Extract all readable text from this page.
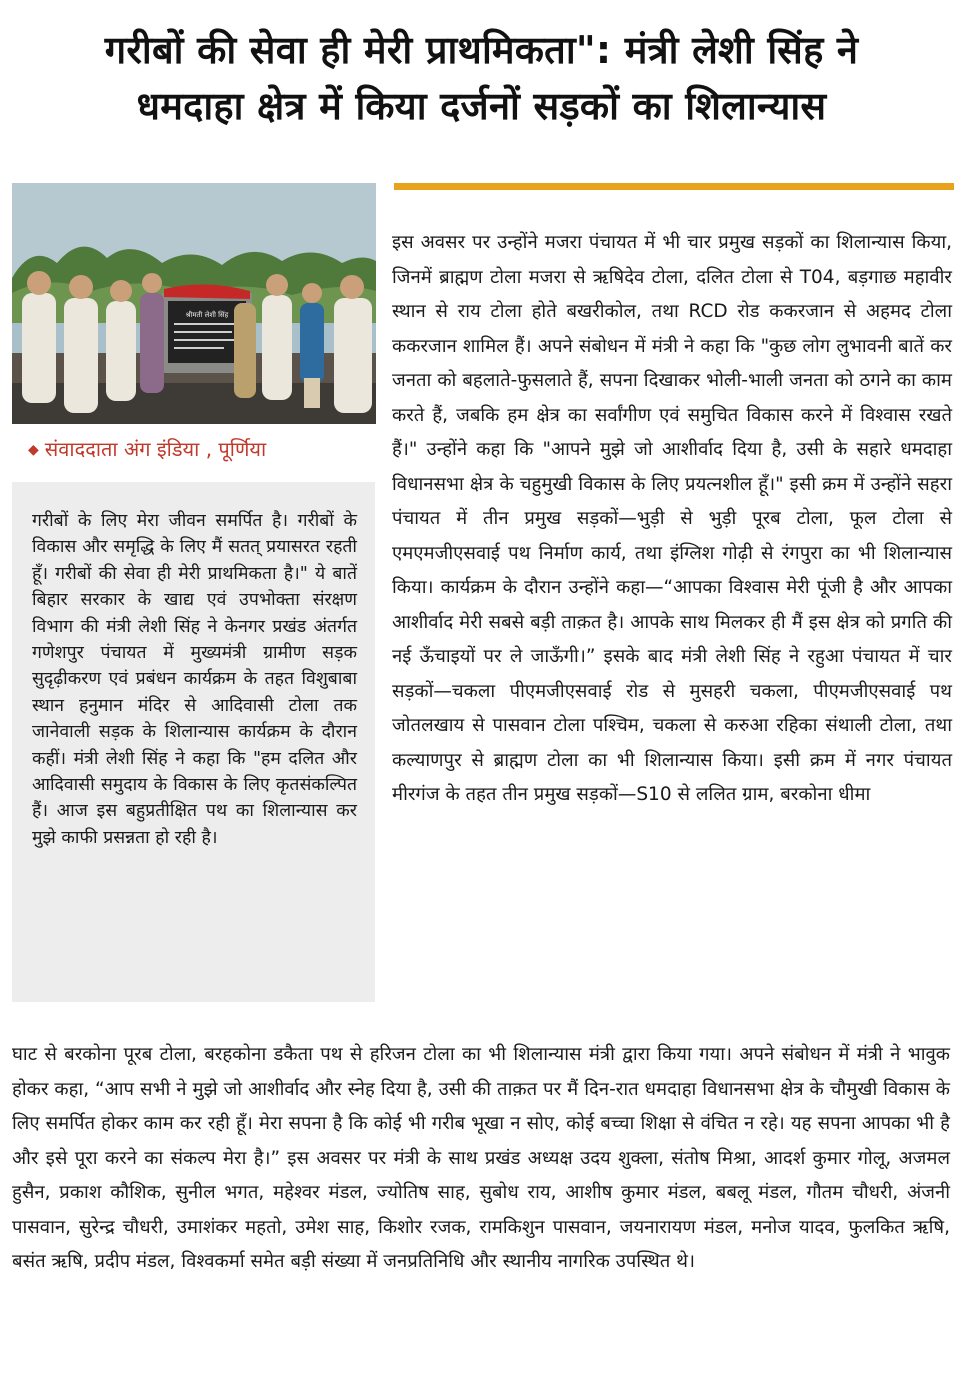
गरीबों की सेवा ही मेरी प्राथमिकता": मंत्री लेशी सिंह ने
धमदाहा क्षेत्र में किया दर्जनों सड़कों का शिलान्यास
श्रीमती लेशी सिंह
◆ संवाददाता अंग इंडिया , पूर्णिया

गरीबों के लिए मेरा जीवन समर्पित है। गरीबों के विकास और समृद्धि के लिए मैं सतत् प्रयासरत रहती हूँ। गरीबों की सेवा ही मेरी प्राथमिकता है।" ये बातें बिहार सरकार के खाद्य एवं उपभोक्ता संरक्षण विभाग की मंत्री लेशी सिंह ने केनगर प्रखंड अंतर्गत गणेशपुर पंचायत में मुख्यमंत्री ग्रामीण सड़क सुदृढ़ीकरण एवं प्रबंधन कार्यक्रम के तहत विशुबाबा स्थान हनुमान मंदिर से आदिवासी टोला तक जानेवाली सड़क के शिलान्यास कार्यक्रम के दौरान कहीं। मंत्री लेशी सिंह ने कहा कि "हम दलित और आदिवासी समुदाय के विकास के लिए कृतसंकल्पित हैं। आज इस बहुप्रतीक्षित पथ का शिलान्यास कर मुझे काफी प्रसन्नता हो रही है।

इस अवसर पर उन्होंने मजरा पंचायत में भी चार प्रमुख सड़कों का शिलान्यास किया, जिनमें ब्राह्मण टोला मजरा से ऋषिदेव टोला, दलित टोला से T04, बड़गाछ महावीर स्थान से राय टोला होते बखरीकोल, तथा RCD रोड ककरजान से अहमद टोला ककरजान शामिल हैं। अपने संबोधन में मंत्री ने कहा कि "कुछ लोग लुभावनी बातें कर जनता को बहलाते-फुसलाते हैं, सपना दिखाकर भोली-भाली जनता को ठगने का काम करते हैं, जबकि हम क्षेत्र का सर्वांगीण एवं समुचित विकास करने में विश्वास रखते हैं।" उन्होंने कहा कि "आपने मुझे जो आशीर्वाद दिया है, उसी के सहारे धमदाहा विधानसभा क्षेत्र के चहुमुखी विकास के लिए प्रयत्नशील हूँ।" इसी क्रम में उन्होंने सहरा पंचायत में तीन प्रमुख सड़कों—भुड़ी से भुड़ी पूरब टोला, फूल टोला से एमएमजीएसवाई पथ निर्माण कार्य, तथा इंग्लिश गोढ़ी से रंगपुरा का भी शिलान्यास किया। कार्यक्रम के दौरान उन्होंने कहा—“आपका विश्वास मेरी पूंजी है और आपका आशीर्वाद मेरी सबसे बड़ी ताक़त है। आपके साथ मिलकर ही मैं इस क्षेत्र को प्रगति की नई ऊँचाइयों पर ले जाऊँगी।” इसके बाद मंत्री लेशी सिंह ने रहुआ पंचायत में चार सड़कों—चकला पीएमजीएसवाई रोड से मुसहरी चकला, पीएमजीएसवाई पथ जोतलखाय से पासवान टोला पश्चिम, चकला से करुआ रहिका संथाली टोला, तथा कल्याणपुर से ब्राह्मण टोला का भी शिलान्यास किया। इसी क्रम में नगर पंचायत मीरगंज के तहत तीन प्रमुख सड़कों—S10 से ललित ग्राम, बरकोना धीमा

घाट से बरकोना पूरब टोला, बरहकोना डकैता पथ से हरिजन टोला का भी शिलान्यास मंत्री द्वारा किया गया। अपने संबोधन में मंत्री ने भावुक होकर कहा, “आप सभी ने मुझे जो आशीर्वाद और स्नेह दिया है, उसी की ताक़त पर मैं दिन-रात धमदाहा विधानसभा क्षेत्र के चौमुखी विकास के लिए समर्पित होकर काम कर रही हूँ। मेरा सपना है कि कोई भी गरीब भूखा न सोए, कोई बच्चा शिक्षा से वंचित न रहे। यह सपना आपका भी है और इसे पूरा करने का संकल्प मेरा है।” इस अवसर पर मंत्री के साथ प्रखंड अध्यक्ष उदय शुक्ला, संतोष मिश्रा, आदर्श कुमार गोलू, अजमल हुसैन, प्रकाश कौशिक, सुनील भगत, महेश्वर मंडल, ज्योतिष साह, सुबोध राय, आशीष कुमार मंडल, बबलू मंडल, गौतम चौधरी, अंजनी पासवान, सुरेन्द्र चौधरी, उमाशंकर महतो, उमेश साह, किशोर रजक, रामकिशुन पासवान, जयनारायण मंडल, मनोज यादव, फुलकित ऋषि, बसंत ऋषि, प्रदीप मंडल, विश्वकर्मा समेत बड़ी संख्या में जनप्रतिनिधि और स्थानीय नागरिक उपस्थित थे।
